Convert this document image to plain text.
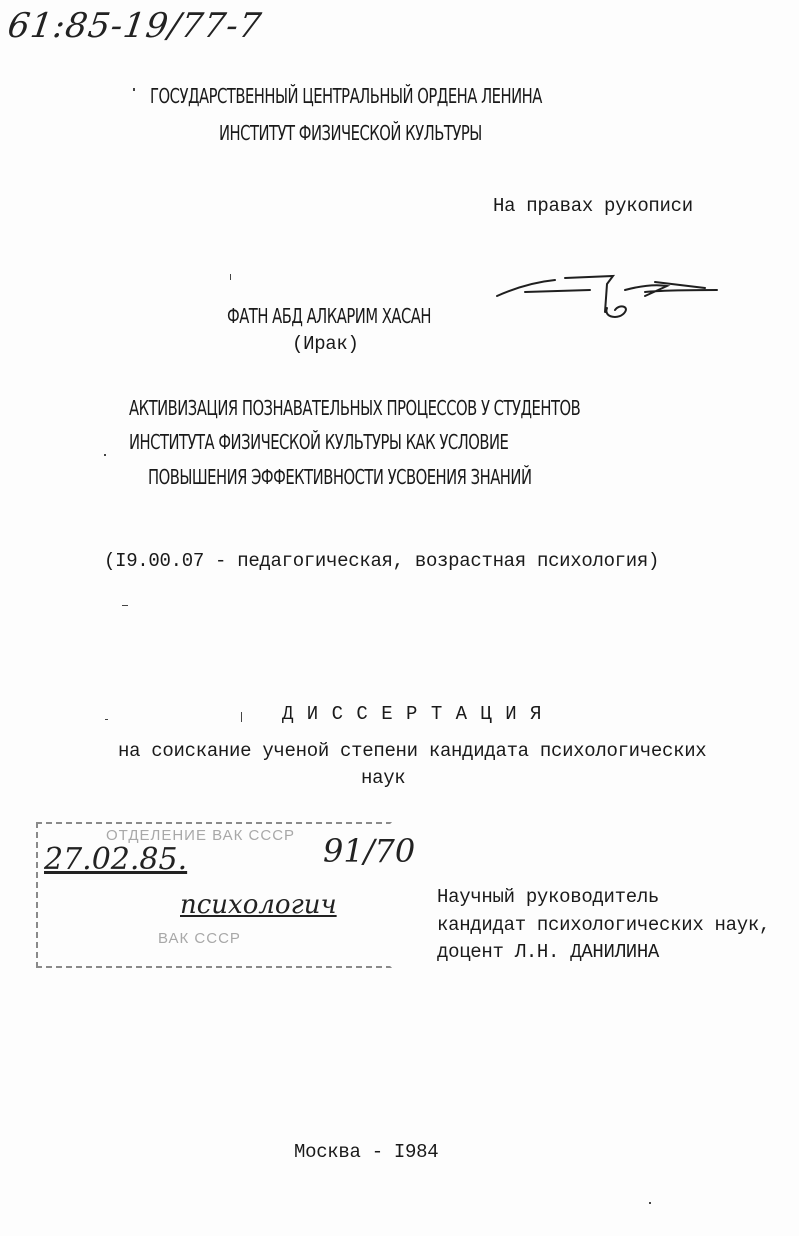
61:85-19/77-7
ГОСУДАРСТВЕННЫЙ ЦЕНТРАЛЬНЫЙ ОРДЕНА ЛЕНИНА
ИНСТИТУТ ФИЗИЧЕСКОЙ КУЛЬТУРЫ
На правах рукописи
ФАТН АБД АЛКАРИМ ХАСАН
(Ирак)
АКТИВИЗАЦИЯ ПОЗНАВАТЕЛЬНЫХ ПРОЦЕССОВ У СТУДЕНТОВ
ИНСТИТУТА ФИЗИЧЕСКОЙ КУЛЬТУРЫ КАК УСЛОВИЕ
ПОВЫШЕНИЯ ЭФФЕКТИВНОСТИ УСВОЕНИЯ ЗНАНИЙ
(I9.00.07 - педагогическая, возрастная психология)
Д И С С Е Р Т А Ц И Я
на соискание ученой степени кандидата психологических
наук
ОТДЕЛЕНИЕ ВАК СССР
27.02.85.	91/70
психологич
ВАК СССР
Научный руководитель
кандидат психологических наук,
доцент Л.Н. ДАНИЛИНА
Москва - I984
